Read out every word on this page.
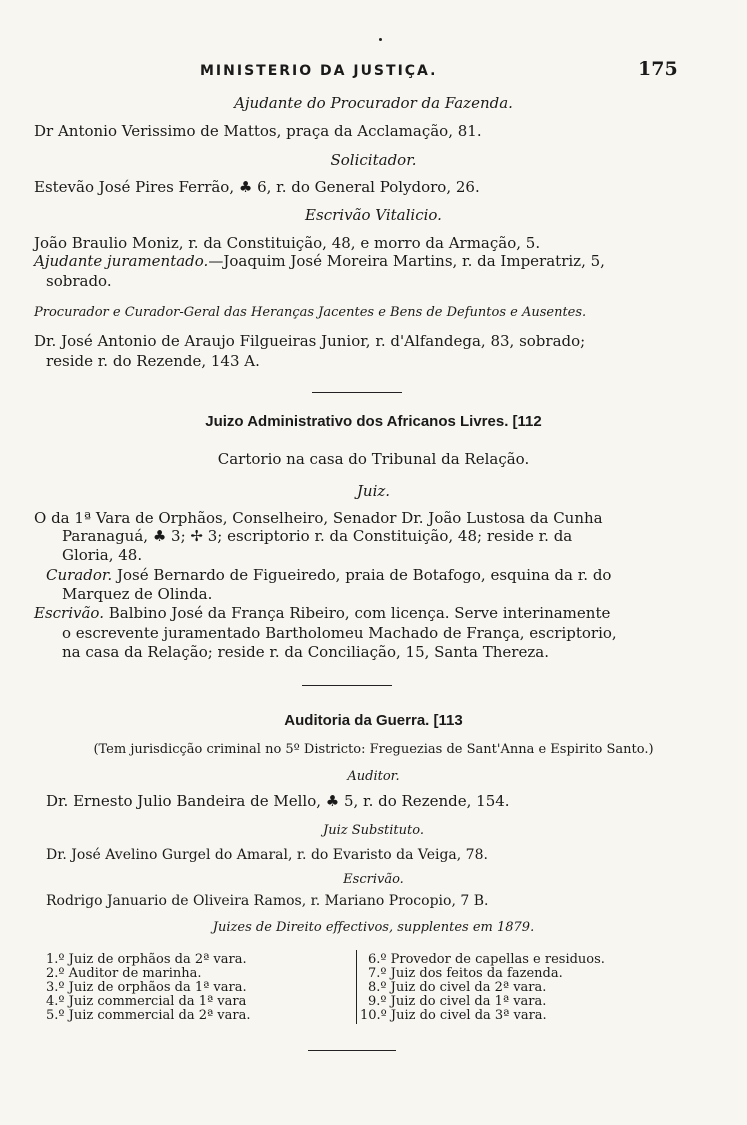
MINISTERIO DA JUSTIÇA.	175
Ajudante do Procurador da Fazenda.
Dr Antonio Verissimo de Mattos, praça da Acclamação, 81.
Solicitador.
Estevão José Pires Ferrão, ♣ 6, r. do General Polydoro, 26.
Escrivão Vitalicio.
João Braulio Moniz, r. da Constituição, 48, e morro da Armação, 5.
Ajudante juramentado.—Joaquim José Moreira Martins, r. da Imperatriz, 5,
sobrado.
Procurador e Curador-Geral das Heranças Jacentes e Bens de Defuntos e Ausentes.
Dr. José Antonio de Araujo Filgueiras Junior, r. d'Alfandega, 83, sobrado;
reside r. do Rezende, 143 A.
Juizo Administrativo dos Africanos Livres. [112
Cartorio na casa do Tribunal da Relação.
Juiz.
O da 1ª Vara de Orphãos, Conselheiro, Senador Dr. João Lustosa da Cunha
Paranaguá, ♣ 3; ✢ 3; escriptorio r. da Constituição, 48; reside r. da
Gloria, 48.
Curador. José Bernardo de Figueiredo, praia de Botafogo, esquina da r. do
Marquez de Olinda.
Escrivão. Balbino José da França Ribeiro, com licença. Serve interinamente
o escrevente juramentado Bartholomeu Machado de França, escriptorio,
na casa da Relação; reside r. da Conciliação, 15, Santa Thereza.
Auditoria da Guerra. [113
(Tem jurisdicção criminal no 5º Districto: Freguezias de Sant'Anna e Espirito Santo.)
Auditor.
Dr. Ernesto Julio Bandeira de Mello, ♣ 5, r. do Rezende, 154.
Juiz Substituto.
Dr. José Avelino Gurgel do Amaral, r. do Evaristo da Veiga, 78.
Escrivão.
Rodrigo Januario de Oliveira Ramos, r. Mariano Procopio, 7 B.
Juizes de Direito effectivos, supplentes em 1879.
1.º Juiz de orphãos da 2ª vara.
2.º Auditor de marinha.
3.º Juiz de orphãos da 1ª vara.
4.º Juiz commercial da 1ª vara
5.º Juiz commercial da 2ª vara.
6.º Provedor de capellas e residuos.
7.º Juiz dos feitos da fazenda.
8.º Juiz do civel da 2ª vara.
9.º Juiz do civel da 1ª vara.
10.º Juiz do civel da 3ª vara.
